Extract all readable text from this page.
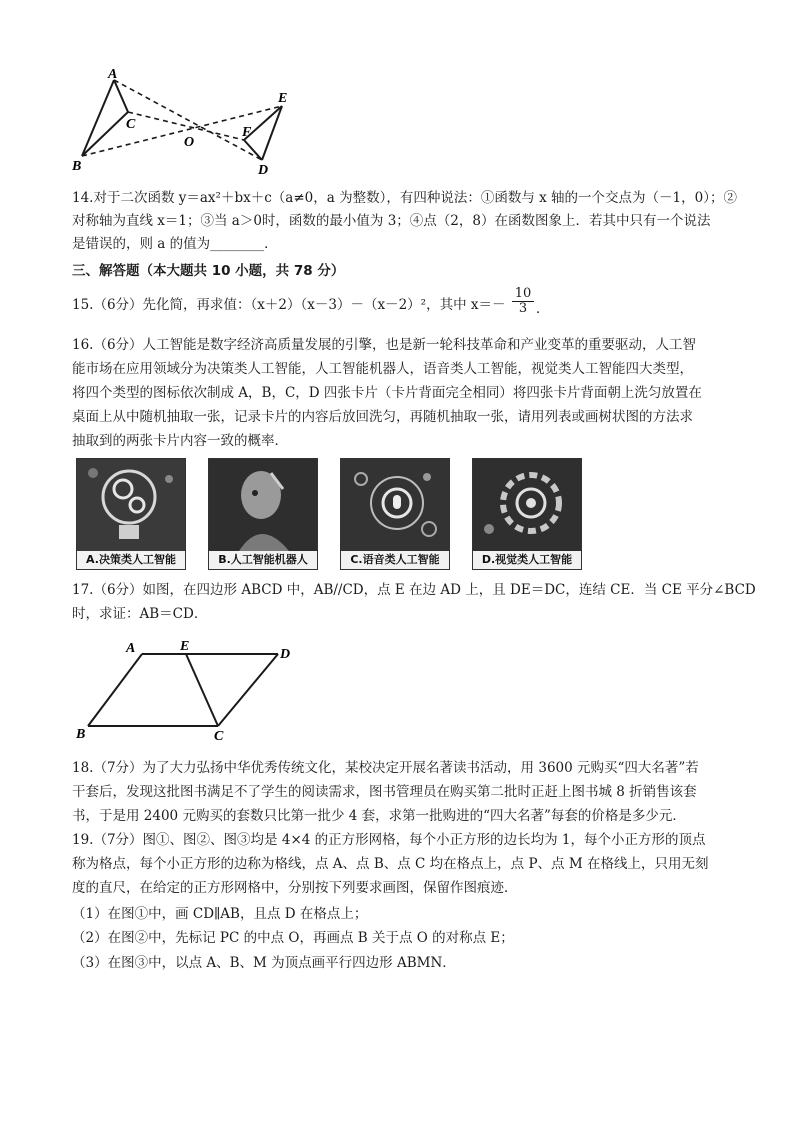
A
B
C
O
E
F
D
14.对于二次函数 y＝ax²＋bx＋c（a≠0，a 为整数），有四种说法：①函数与 x 轴的一个交点为（－1，0）；②
对称轴为直线 x＝1；③当 a＞0时，函数的最小值为 3；④点（2，8）在函数图象上．若其中只有一个说法
是错误的，则 a 的值为________．
三、解答题（本大题共 10 小题，共 78 分）
15.（6分）先化简，再求值：（x＋2）（x－3）－（x－2）²，其中 $x=- \frac{10}{3}$ ．
16.（6分）人工智能是数字经济高质量发展的引擎，也是新一轮科技革命和产业变革的重要驱动，人工智
能市场在应用领域分为决策类人工智能，人工智能机器人，语音类人工智能，视觉类人工智能四大类型，
将四个类型的图标依次制成 A，B，C，D 四张卡片（卡片背面完全相同）将四张卡片背面朝上洗匀放置在
桌面上从中随机抽取一张，记录卡片的内容后放回洗匀，再随机抽取一张，请用列表或画树状图的方法求
抽取到的两张卡片内容一致的概率．
A.决策类人工智能	B.人工智能机器人	C.语音类人工智能	D.视觉类人工智能
17.（6分）如图，在四边形 ABCD 中，AB//CD，点 E 在边 AD 上，且 DE＝DC，连结 CE．当 CE 平分∠BCD
时，求证：AB＝CD．
A	E
D
B	C
18.（7分）为了大力弘扬中华优秀传统文化，某校决定开展名著读书活动，用 3600 元购买“四大名著”若
干套后，发现这批图书满足不了学生的阅读需求，图书管理员在购买第二批时正赶上图书城 8 折销售该套
书，于是用 2400 元购买的套数只比第一批少 4 套，求第一批购进的“四大名著”每套的价格是多少元．
19.（7分）图①、图②、图③均是 4×4 的正方形网格，每个小正方形的边长均为 1，每个小正方形的顶点
称为格点，每个小正方形的边称为格线，点 A、点 B、点 C 均在格点上，点 P、点 M 在格线上，只用无刻
度的直尺，在给定的正方形网格中，分别按下列要求画图，保留作图痕迹．
（1）在图①中，画 CD∥AB，且点 D 在格点上；
（2）在图②中，先标记 PC 的中点 O，再画点 B 关于点 O 的对称点 E；
（3）在图③中，以点 A、B、M 为顶点画平行四边形 ABMN．
